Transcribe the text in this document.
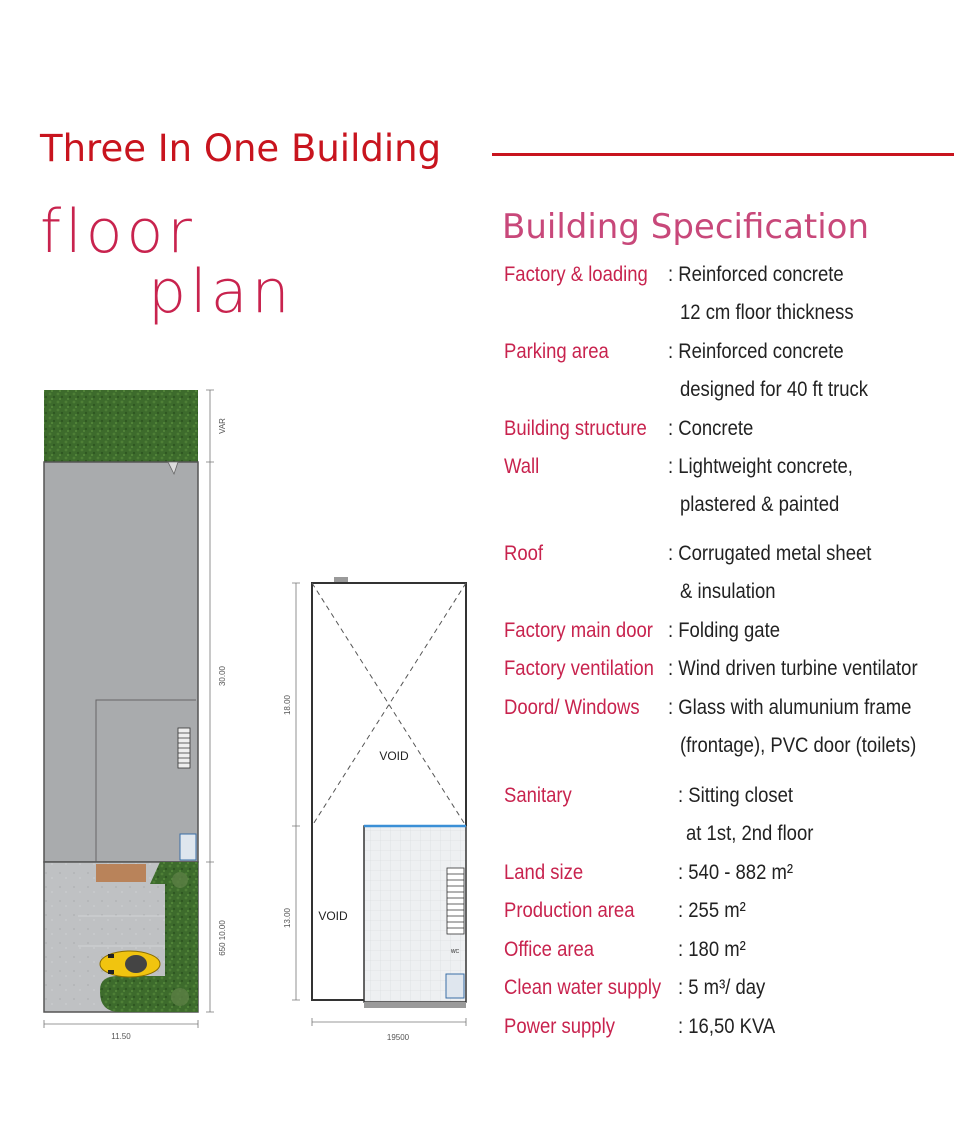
Three In One Building
floor
plan
Building Specification
Factory & loading : Reinforced concrete
12 cm floor thickness
Parking area	: Reinforced concrete
designed for 40 ft truck
Building structure : Concrete
Wall	: Lightweight concrete,
plastered & painted
Roof	: Corrugated metal sheet
& insulation
Factory main door : Folding gate
Factory ventilation : Wind driven turbine ventilator
Doord/ Windows : Glass with alumunium frame
(frontage), PVC door (toilets)
Sanitary	: Sitting closet
at 1st, 2nd floor
Land size	: 540 - 882 m²
Production area : 255 m²
Office area	: 180 m²
Clean water supply : 5 m³/ day
Power supply	: 16,50 KVA
VAR
30.00
650 10.00
11.50
VOID
VOID
WC
18.00
13.00
19500
